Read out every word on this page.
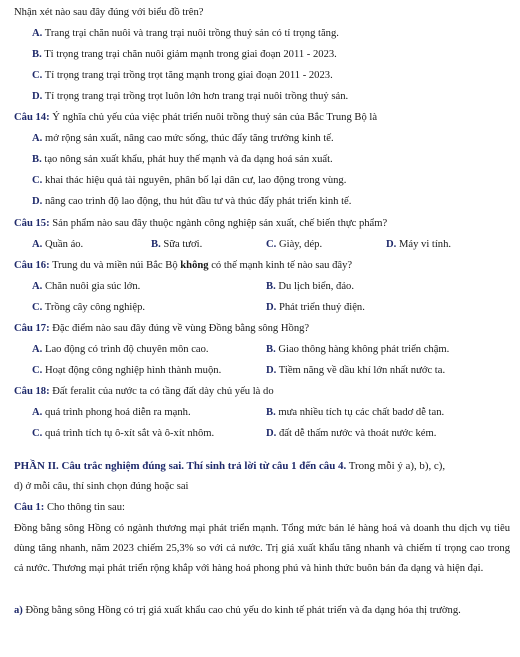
Nhận xét nào sau đây đúng với biểu đồ trên?
A. Trang trại chăn nuôi và trang trại nuôi trồng thuỷ sản có tỉ trọng tăng.
B. Tỉ trọng trang trại chăn nuôi giảm mạnh trong giai đoạn 2011 - 2023.
C. Tỉ trọng trang trại trồng trọt tăng mạnh trong giai đoạn 2011 - 2023.
D. Tỉ trọng trang trại trồng trọt luôn lớn hơn trang trại nuôi trồng thuỷ sản.
Câu 14: Ý nghĩa chủ yếu của việc phát triển nuôi trồng thuỷ sản của Bắc Trung Bộ là
A. mở rộng sản xuất, nâng cao mức sống, thúc đẩy tăng trưởng kinh tế.
B. tạo nông sản xuất khẩu, phát huy thế mạnh và đa dạng hoá sản xuất.
C. khai thác hiệu quả tài nguyên, phân bố lại dân cư, lao động trong vùng.
D. nâng cao trình độ lao động, thu hút đầu tư và thúc đẩy phát triển kinh tế.
Câu 15: Sản phẩm nào sau đây thuộc ngành công nghiệp sản xuất, chế biến thực phẩm?
A. Quần áo.	B. Sữa tươi.	C. Giày, dép.	D. Máy vi tính.
Câu 16: Trung du và miền núi Bắc Bộ không có thế mạnh kinh tế nào sau đây?
A. Chăn nuôi gia súc lớn.	B. Du lịch biển, đảo.
C. Trồng cây công nghiệp.	D. Phát triển thuỷ điện.
Câu 17: Đặc điểm nào sau đây đúng về vùng Đồng bằng sông Hồng?
A. Lao động có trình độ chuyên môn cao.	B. Giao thông hàng không phát triển chậm.
C. Hoạt động công nghiệp hình thành muộn.	D. Tiềm năng về dầu khí lớn nhất nước ta.
Câu 18: Đất feralit của nước ta có tầng đất dày chủ yếu là do
A. quá trình phong hoá diễn ra mạnh.	B. mưa nhiều tích tụ các chất badơ dễ tan.
C. quá trình tích tụ ô-xít sắt và ô-xít nhôm.	D. đất dễ thấm nước và thoát nước kém.
PHẦN II. Câu trắc nghiệm đúng sai. Thí sinh trả lời từ câu 1 đến câu 4. Trong mỗi ý a), b), c),
d) ở mỗi câu, thí sinh chọn đúng hoặc sai
Câu 1: Cho thông tin sau:
Đồng bằng sông Hồng có ngành thương mại phát triển mạnh. Tổng mức bán lẻ hàng hoá và doanh thu dịch vụ tiêu dùng tăng nhanh, năm 2023 chiếm 25,3% so với cả nước. Trị giá xuất khẩu tăng nhanh và chiếm tỉ trọng cao trong cả nước. Thương mại phát triển rộng khắp với hàng hoá phong phú và hình thức buôn bán đa dạng và hiện đại.
a) Đồng bằng sông Hồng có trị giá xuất khẩu cao chủ yếu do kinh tế phát triển và đa dạng hóa thị trường.
